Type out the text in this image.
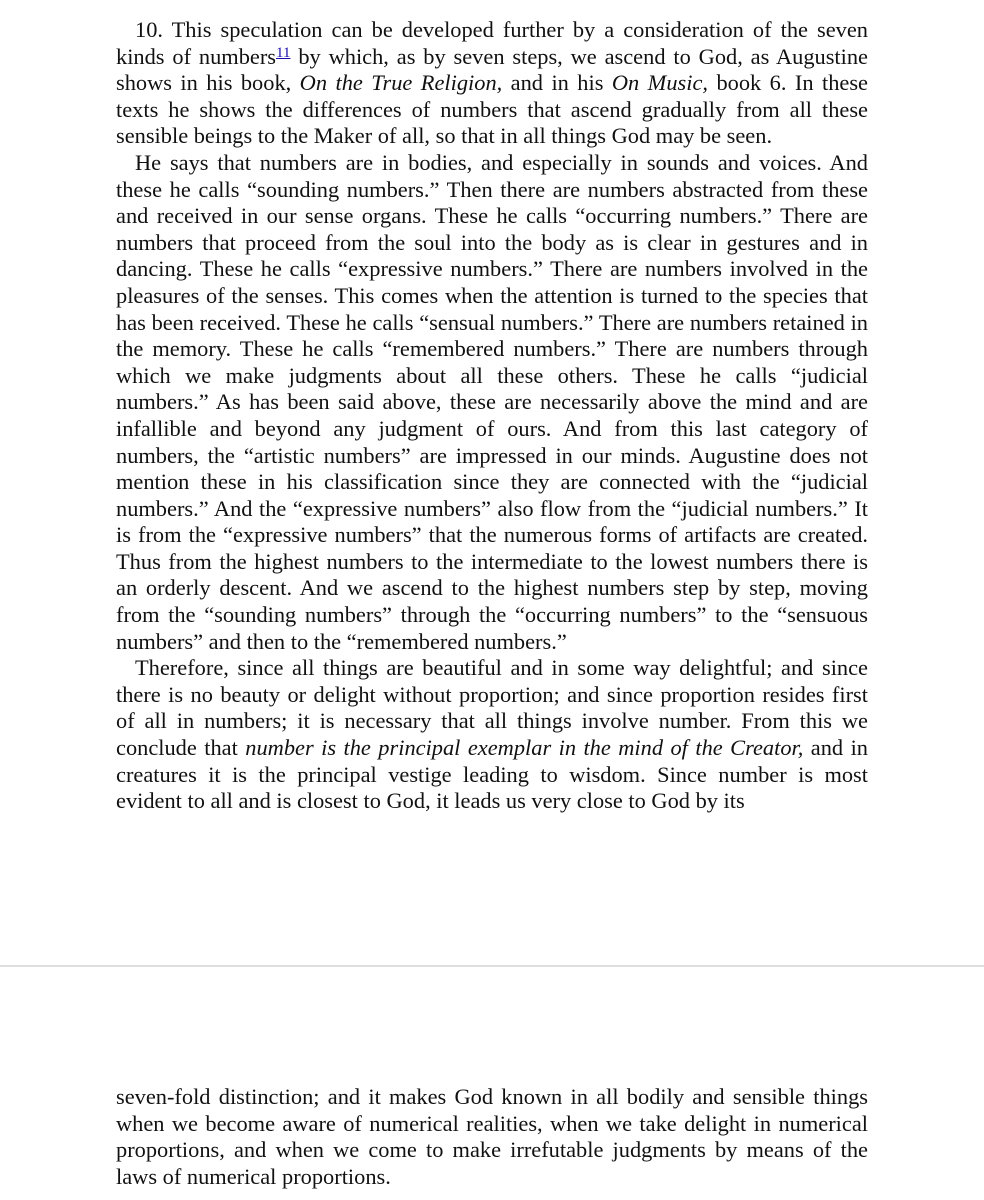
10. This speculation can be developed further by a consideration of the seven kinds of numbers$^{11}$ by which, as by seven steps, we ascend to God, as Augustine shows in his book, On the True Religion, and in his On Music, book 6. In these texts he shows the differences of numbers that ascend gradually from all these sensible beings to the Maker of all, so that in all things God may be seen.

He says that numbers are in bodies, and especially in sounds and voices. And these he calls “sounding numbers.” Then there are numbers abstracted from these and received in our sense organs. These he calls “occurring numbers.” There are numbers that proceed from the soul into the body as is clear in gestures and in dancing. These he calls “expressive numbers.” There are numbers involved in the pleasures of the senses. This comes when the attention is turned to the species that has been received. These he calls “sensual numbers.” There are numbers retained in the memory. These he calls “remembered numbers.” There are numbers through which we make judgments about all these others. These he calls “judicial numbers.” As has been said above, these are necessarily above the mind and are infallible and beyond any judgment of ours. And from this last category of numbers, the “artistic numbers” are impressed in our minds. Augustine does not mention these in his classification since they are connected with the “judicial numbers.” And the “expressive numbers” also flow from the “judicial numbers.” It is from the “expressive numbers” that the numerous forms of artifacts are created. Thus from the highest numbers to the intermediate to the lowest numbers there is an orderly descent. And we ascend to the highest numbers step by step, moving from the “sounding numbers” through the “occurring numbers” to the “sensuous numbers” and then to the “remembered numbers.”

Therefore, since all things are beautiful and in some way delightful; and since there is no beauty or delight without proportion; and since proportion resides first of all in numbers; it is necessary that all things involve number. From this we conclude that number is the principal exemplar in the mind of the Creator, and in creatures it is the principal vestige leading to wisdom. Since number is most evident to all and is closest to God, it leads us very close to God by its

seven-fold distinction; and it makes God known in all bodily and sensible things when we become aware of numerical realities, when we take delight in numerical proportions, and when we come to make irrefutable judgments by means of the laws of numerical proportions.
